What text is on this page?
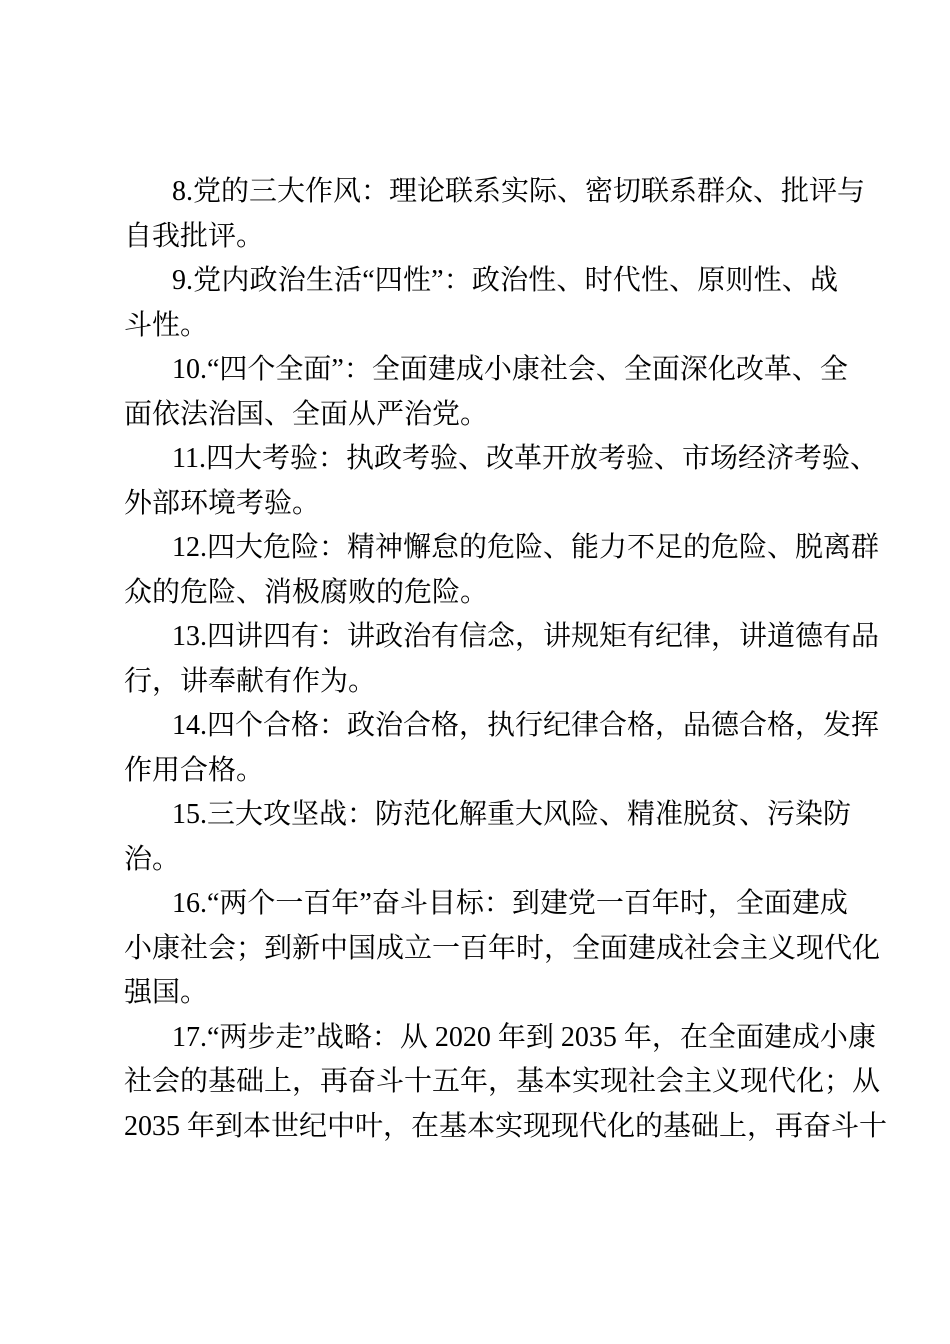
8.党的三大作风：理论联系实际、密切联系群众、批评与
自我批评。
9.党内政治生活“四性”：政治性、时代性、原则性、战
斗性。
10.“四个全面”：全面建成小康社会、全面深化改革、全
面依法治国、全面从严治党。
11.四大考验：执政考验、改革开放考验、市场经济考验、
外部环境考验。
12.四大危险：精神懈怠的危险、能力不足的危险、脱离群
众的危险、消极腐败的危险。
13.四讲四有：讲政治有信念，讲规矩有纪律，讲道德有品
行，讲奉献有作为。
14.四个合格：政治合格，执行纪律合格，品德合格，发挥
作用合格。
15.三大攻坚战：防范化解重大风险、精准脱贫、污染防
治。
16.“两个一百年”奋斗目标：到建党一百年时，全面建成
小康社会；到新中国成立一百年时，全面建成社会主义现代化
强国。
17.“两步走”战略：从 2020 年到 2035 年，在全面建成小康
社会的基础上，再奋斗十五年，基本实现社会主义现代化；从
2035 年到本世纪中叶，在基本实现现代化的基础上，再奋斗十
